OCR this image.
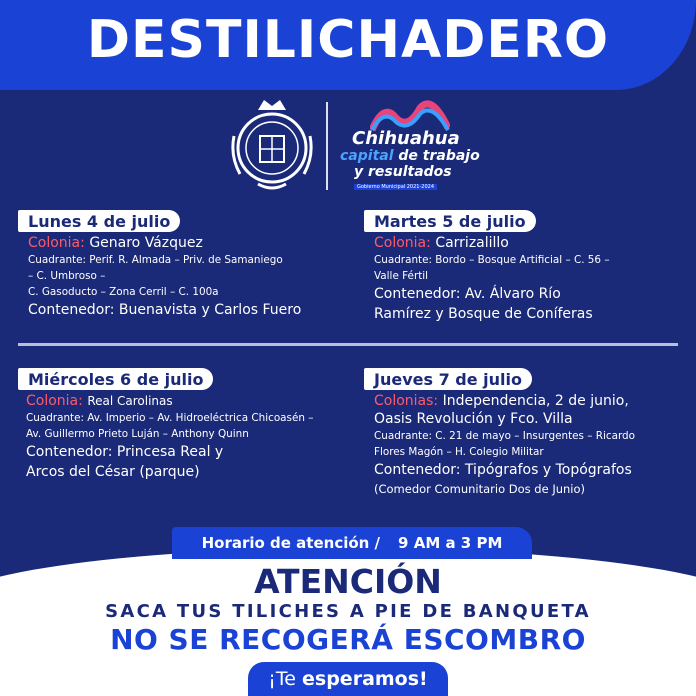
DESTILICHADERO
Chihuahua
capital de trabajo
y resultados
Gobierno Municipal 2021-2024
Lunes 4 de julio
Colonia: Genaro Vázquez
Cuadrante: Perif. R. Almada – Priv. de Samaniego
– C. Umbroso –
C. Gasoducto – Zona Cerril – C. 100a
Contenedor: Buenavista y Carlos Fuero
Martes 5 de julio
Colonia: Carrizalillo
Cuadrante: Bordo – Bosque Artificial – C. 56 –
Valle Fértil
Contenedor: Av. Álvaro Río
Ramírez y Bosque de Coníferas
Miércoles 6 de julio
Colonia: Real Carolinas
Cuadrante: Av. Imperio – Av. Hidroeléctrica Chicoasén –
Av. Guillermo Prieto Luján – Anthony Quinn
Contenedor: Princesa Real y
Arcos del César (parque)
Jueves 7 de julio
Colonias: Independencia, 2 de junio,
Oasis Revolución y Fco. Villa
Cuadrante: C. 21 de mayo – Insurgentes – Ricardo
Flores Magón – H. Colegio Militar
Contenedor: Tipógrafos y Topógrafos
(Comedor Comunitario Dos de Junio)
Horario de atención / 9 AM a 3 PM
ATENCIÓN
SACA TUS TILICHES A PIE DE BANQUETA
NO SE RECOGERÁ ESCOMBRO
¡Te esperamos!
